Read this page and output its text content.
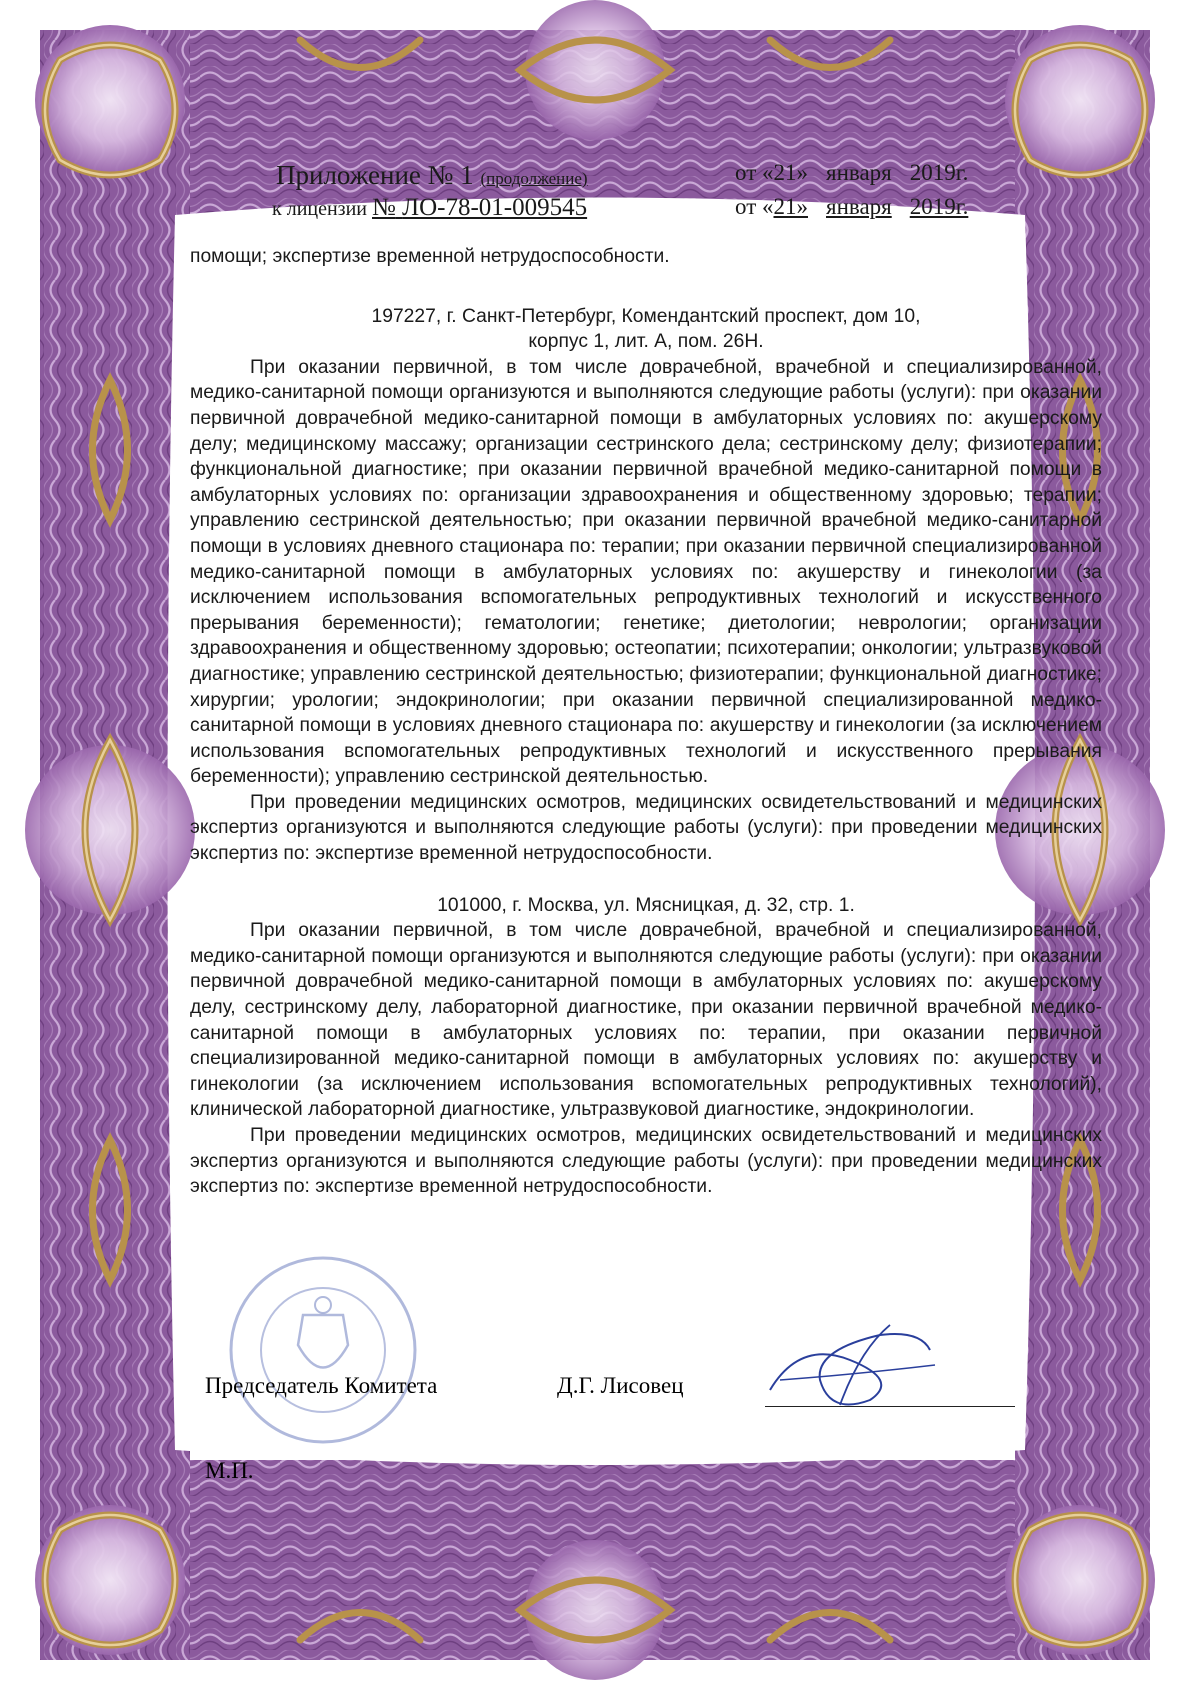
Приложение № 1 (продолжение)
к лицензии № ЛО-78-01-009545
от «21» января 2019г.
от «21» января 2019г.

помощи; экспертизе временной нетрудоспособности.

197227, г. Санкт-Петербург, Комендантский проспект, дом 10,

корпус 1, лит. А, пом. 26Н.

При оказании первичной, в том числе доврачебной, врачебной и специализированной, медико-санитарной помощи организуются и выполняются следующие работы (услуги): при оказании первичной доврачебной медико-санитарной помощи в амбулаторных условиях по: акушерскому делу; медицинскому массажу; организации сестринского дела; сестринскому делу; физиотерапии; функциональной диагностике; при оказании первичной врачебной медико-санитарной помощи в амбулаторных условиях по: организации здравоохранения и общественному здоровью; терапии; управлению сестринской деятельностью; при оказании первичной врачебной медико-санитарной помощи в условиях дневного стационара по: терапии; при оказании первичной специализированной медико-санитарной помощи в амбулаторных условиях по: акушерству и гинекологии (за исключением использования вспомогательных репродуктивных технологий и искусственного прерывания беременности); гематологии; генетике; диетологии; неврологии; организации здравоохранения и общественному здоровью; остеопатии; психотерапии; онкологии; ультразвуковой диагностике; управлению сестринской деятельностью; физиотерапии; функциональной диагностике; хирургии; урологии; эндокринологии; при оказании первичной специализированной медико-санитарной помощи в условиях дневного стационара по: акушерству и гинекологии (за исключением использования вспомогательных репродуктивных технологий и искусственного прерывания беременности); управлению сестринской деятельностью.

При проведении медицинских осмотров, медицинских освидетельствований и медицинских экспертиз организуются и выполняются следующие работы (услуги): при проведении медицинских экспертиз по: экспертизе временной нетрудоспособности.

101000, г. Москва, ул. Мясницкая, д. 32, стр. 1.

При оказании первичной, в том числе доврачебной, врачебной и специализированной, медико-санитарной помощи организуются и выполняются следующие работы (услуги): при оказании первичной доврачебной медико-санитарной помощи в амбулаторных условиях по: акушерскому делу, сестринскому делу, лабораторной диагностике, при оказании первичной врачебной медико-санитарной помощи в амбулаторных условиях по: терапии, при оказании первичной специализированной медико-санитарной помощи в амбулаторных условиях по: акушерству и гинекологии (за исключением использования вспомогательных репродуктивных технологий), клинической лабораторной диагностике, ультразвуковой диагностике, эндокринологии.

При проведении медицинских осмотров, медицинских освидетельствований и медицинских экспертиз организуются и выполняются следующие работы (услуги): при проведении медицинских экспертиз по: экспертизе временной нетрудоспособности.

Председатель Комитета	Д.Г. Лисовец
М.П.
